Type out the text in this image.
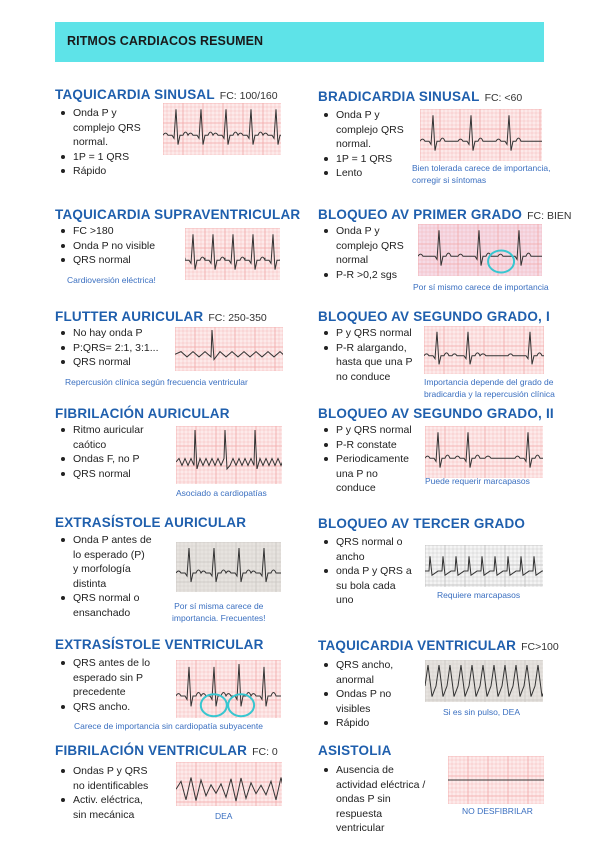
RITMOS CARDIACOS RESUMEN
TAQUICARDIA SINUSAL FC: 100/160
Onda P y
complejo QRS
normal.
1P = 1 QRS
Rápido
BRADICARDIA SINUSAL FC: <60
Onda P y
complejo QRS
normal.
1P = 1 QRS
Lento	Bien tolerada carece de importancia,
corregir si síntomas
TAQUICARDIA SUPRAVENTRICULAR
FC >180
Onda P no visible
QRS normal
Cardioversión eléctrica!
BLOQUEO AV PRIMER GRADO FC: BIEN
Onda P y
complejo QRS
normal
P-R >0,2 sgs
Por sí mismo carece de importancia
FLUTTER AURICULAR FC: 250-350
No hay onda P
P:QRS= 2:1, 3:1...
QRS normal
Repercusión clínica según frecuencia ventricular
BLOQUEO AV SEGUNDO GRADO, I
P y QRS normal
P-R alargando,
hasta que una P
no conduce	Importancia depende del grado de
bradicardia y la repercusión clínica
FIBRILACIÓN AURICULAR
Ritmo auricular
caótico
Ondas F, no P
QRS normal
Asociado a cardiopatías
BLOQUEO AV SEGUNDO GRADO, II
P y QRS normal
P-R constate
Periodicamente
una P no
conduce
Puede requerir marcapasos
EXTRASÍSTOLE AURICULAR
Onda P antes de
lo esperado (P)
y morfología
distinta
QRS normal o
ensanchado
Por sí misma carece de
importancia. Frecuentes!
BLOQUEO AV TERCER GRADO
QRS normal o
ancho
onda P y QRS a
su bola cada
uno	Requiere marcapasos
EXTRASÍSTOLE VENTRICULAR
QRS antes de lo
esperado sin P
precedente
QRS ancho.
Carece de importancia sin cardiopatía subyacente
TAQUICARDIA VENTRICULAR FC>100
QRS ancho,
anormal
Ondas P no
visibles
Rápido
Si es sin pulso, DEA
FIBRILACIÓN VENTRICULAR FC: 0
Ondas P y QRS
no identificables
Activ. eléctrica,
sin mecánica	DEA
ASISTOLIA
Ausencia de
actividad eléctrica /
ondas P sin
respuesta
ventricular
NO DESFIBRILAR
